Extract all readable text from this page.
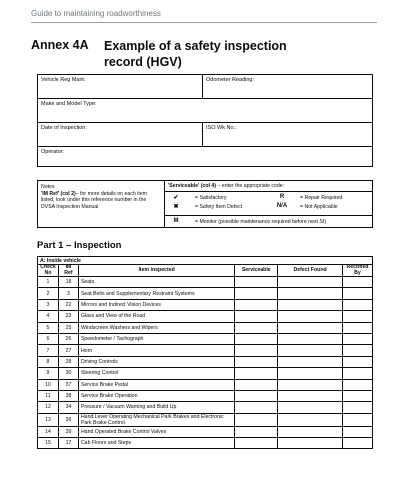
Guide to maintaining roadworthiness
Annex 4A Example of a safety inspection record (HGV)
Vehicle Reg Mark:	Odometer Reading:
Make and Model Type:	
Date of Inspection:	ISO Wk No.:
Operator:	
Notes
'IM Ref' (col 2)– for more details on each item listed, look under this reference number in the DVSA Inspection Manual
'Serviceable' (col 4) – enter the appropriate code:
✔	= Satisfactory
✖	= Safety Item Defect
R	= Repair Required
N/A	= Not Applicable
M	= Monitor (possible maintenance required before next SI)
Part 1 – Inspection
A: Inside vehicle					
Check No	IM Ref	Item inspected	Serviceable	Defect Found	Rectified By
1	18	Seats			
2	3	Seat Belts and Supplementary Restraint Systems			
3	22	Mirrors and Indirect Vision Devices			
4	23	Glass and View of the Road			
5	25	Windscreen Washers and Wipers			
6	26	Speedometer / Tachograph			
7	27	Horn			
8	28	Driving Controls			
9	30	Steering Control			
10	37	Service Brake Pedal			
11	38	Service Brake Operation			
12	34	Pressure / Vacuum Warning and Build Up			
13	36	Hand Lever Operating Mechanical Park Brakes and Electronic Park Brake Control			
14	39	Hand Operated Brake Control Valves			
15	17	Cab Floors and Steps			
